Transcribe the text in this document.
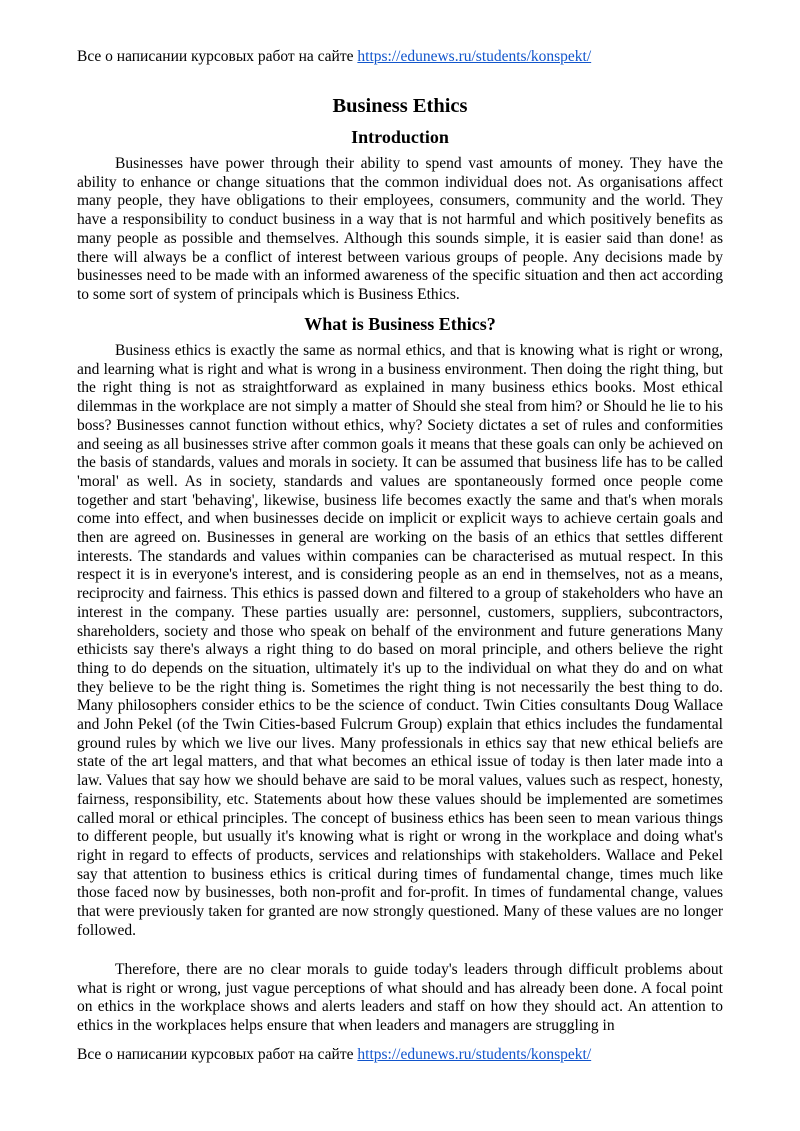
Все о написании курсовых работ на сайте https://edunews.ru/students/konspekt/
Business Ethics
Introduction

Businesses have power through their ability to spend vast amounts of money. They have the ability to enhance or change situations that the common individual does not. As organisations affect many people, they have obligations to their employees, consumers, community and the world. They have a responsibility to conduct business in a way that is not harmful and which positively benefits as many people as possible and themselves. Although this sounds simple, it is easier said than done! as there will always be a conflict of interest between various groups of people. Any decisions made by businesses need to be made with an informed awareness of the specific situation and then act according to some sort of system of principals which is Business Ethics.

What is Business Ethics?

Business ethics is exactly the same as normal ethics, and that is knowing what is right or wrong, and learning what is right and what is wrong in a business environment. Then doing the right thing, but the right thing is not as straightforward as explained in many business ethics books. Most ethical dilemmas in the workplace are not simply a matter of Should she steal from him? or Should he lie to his boss? Businesses cannot function without ethics, why? Society dictates a set of rules and conformities and seeing as all businesses strive after common goals it means that these goals can only be achieved on the basis of standards, values and morals in society. It can be assumed that business life has to be called 'moral' as well. As in society, standards and values are spontaneously formed once people come together and start 'behaving', likewise, business life becomes exactly the same and that's when morals come into effect, and when businesses decide on implicit or explicit ways to achieve certain goals and then are agreed on. Businesses in general are working on the basis of an ethics that settles different interests. The standards and values within companies can be characterised as mutual respect. In this respect it is in everyone's interest, and is considering people as an end in themselves, not as a means, reciprocity and fairness. This ethics is passed down and filtered to a group of stakeholders who have an interest in the company. These parties usually are: personnel, customers, suppliers, subcontractors, shareholders, society and those who speak on behalf of the environment and future generations Many ethicists say there's always a right thing to do based on moral principle, and others believe the right thing to do depends on the situation, ultimately it's up to the individual on what they do and on what they believe to be the right thing is. Sometimes the right thing is not necessarily the best thing to do. Many philosophers consider ethics to be the science of conduct. Twin Cities consultants Doug Wallace and John Pekel (of the Twin Cities-based Fulcrum Group) explain that ethics includes the fundamental ground rules by which we live our lives. Many professionals in ethics say that new ethical beliefs are state of the art legal matters, and that what becomes an ethical issue of today is then later made into a law. Values that say how we should behave are said to be moral values, values such as respect, honesty, fairness, responsibility, etc. Statements about how these values should be implemented are sometimes called moral or ethical principles. The concept of business ethics has been seen to mean various things to different people, but usually it's knowing what is right or wrong in the workplace and doing what's right in regard to effects of products, services and relationships with stakeholders. Wallace and Pekel say that attention to business ethics is critical during times of fundamental change, times much like those faced now by businesses, both non-profit and for-profit. In times of fundamental change, values that were previously taken for granted are now strongly questioned. Many of these values are no longer followed.

Therefore, there are no clear morals to guide today's leaders through difficult problems about what is right or wrong, just vague perceptions of what should and has already been done. A focal point on ethics in the workplace shows and alerts leaders and staff on how they should act. An attention to ethics in the workplaces helps ensure that when leaders and managers are struggling in

Все о написании курсовых работ на сайте https://edunews.ru/students/konspekt/
